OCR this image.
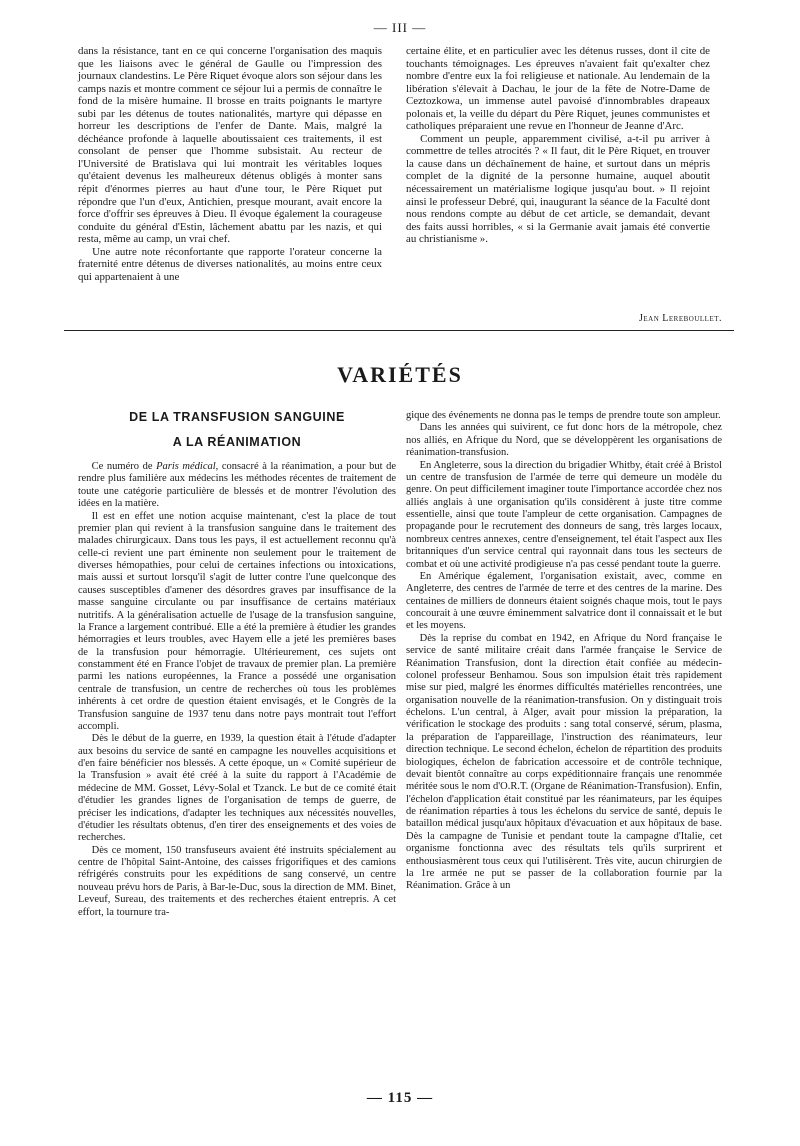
— III —

dans la résistance, tant en ce qui concerne l'organisation des maquis que les liaisons avec le général de Gaulle ou l'impression des journaux clandestins. Le Père Riquet évoque alors son séjour dans les camps nazis et montre comment ce séjour lui a permis de connaître le fond de la misère humaine. Il brosse en traits poignants le martyre subi par les détenus de toutes nationalités, martyre qui dépasse en horreur les descriptions de l'enfer de Dante. Mais, malgré la déchéance profonde à laquelle aboutissaient ces traitements, il est consolant de penser que l'homme subsistait. Au recteur de l'Université de Bratislava qui lui montrait les véritables loques qu'étaient devenus les malheureux détenus obligés à monter sans répit d'énormes pierres au haut d'une tour, le Père Riquet put répondre que l'un d'eux, Antichien, presque mourant, avait encore la force d'offrir ses épreuves à Dieu. Il évoque également la courageuse conduite du général d'Estin, lâchement abattu par les nazis, et qui resta, même au camp, un vrai chef.

Une autre note réconfortante que rapporte l'orateur concerne la fraternité entre détenus de diverses nationalités, au moins entre ceux qui appartenaient à une

certaine élite, et en particulier avec les détenus russes, dont il cite de touchants témoignages. Les épreuves n'avaient fait qu'exalter chez nombre d'entre eux la foi religieuse et nationale. Au lendemain de la libération s'élevait à Dachau, le jour de la fête de Notre-Dame de Ceztozkowa, un immense autel pavoisé d'innombrables drapeaux polonais et, la veille du départ du Père Riquet, jeunes communistes et catholiques préparaient une revue en l'honneur de Jeanne d'Arc.

Comment un peuple, apparemment civilisé, a-t-il pu arriver à commettre de telles atrocités ? « Il faut, dit le Père Riquet, en trouver la cause dans un déchaînement de haine, et surtout dans un mépris complet de la dignité de la personne humaine, auquel aboutit nécessairement un matérialisme logique jusqu'au bout. » Il rejoint ainsi le professeur Debré, qui, inaugurant la séance de la Faculté dont nous rendons compte au début de cet article, se demandait, devant des faits aussi horribles, « si la Germanie avait jamais été convertie au christianisme ».

Jean Lereboullet.
VARIÉTÉS
DE LA TRANSFUSION SANGUINE
A LA RÉANIMATION

Ce numéro de Paris médical, consacré à la réanimation, a pour but de rendre plus familière aux médecins les méthodes récentes de traitement de toute une catégorie particulière de blessés et de montrer l'évolution des idées en la matière.

Il est en effet une notion acquise maintenant, c'est la place de tout premier plan qui revient à la transfusion sanguine dans le traitement des malades chirurgicaux. Dans tous les pays, il est actuellement reconnu qu'à celle-ci revient une part éminente non seulement pour le traitement de diverses hémopathies, pour celui de certaines infections ou intoxications, mais aussi et surtout lorsqu'il s'agit de lutter contre l'une quelconque des causes susceptibles d'amener des désordres graves par insuffisance de la masse sanguine circulante ou par insuffisance de certains matériaux nutritifs. A la généralisation actuelle de l'usage de la transfusion sanguine, la France a largement contribué. Elle a été la première à étudier les grandes hémorragies et leurs troubles, avec Hayem elle a jeté les premières bases de la transfusion pour hémorragie. Ultérieurement, ces sujets ont constamment été en France l'objet de travaux de premier plan. La première parmi les nations européennes, la France a possédé une organisation centrale de transfusion, un centre de recherches où tous les problèmes inhérents à cet ordre de question étaient envisagés, et le Congrès de la Transfusion sanguine de 1937 tenu dans notre pays montrait tout l'effort accompli.

Dès le début de la guerre, en 1939, la question était à l'étude d'adapter aux besoins du service de santé en campagne les nouvelles acquisitions et d'en faire bénéficier nos blessés. A cette époque, un « Comité supérieur de la Transfusion » avait été créé à la suite du rapport à l'Académie de médecine de MM. Gosset, Lévy-Solal et Tzanck. Le but de ce comité était d'étudier les grandes lignes de l'organisation de temps de guerre, de préciser les indications, d'adapter les techniques aux nécessités nouvelles, d'étudier les résultats obtenus, d'en tirer des enseignements et des voies de recherches.

Dès ce moment, 150 transfuseurs avaient été instruits spécialement au centre de l'hôpital Saint-Antoine, des caisses frigorifiques et des camions réfrigérés construits pour les expéditions de sang conservé, un centre nouveau prévu hors de Paris, à Bar-le-Duc, sous la direction de MM. Binet, Leveuf, Sureau, des traitements et des recherches étaient entrepris. A cet effort, la tournure tra-

gique des événements ne donna pas le temps de prendre toute son ampleur.

Dans les années qui suivirent, ce fut donc hors de la métropole, chez nos alliés, en Afrique du Nord, que se développèrent les organisations de réanimation-transfusion.

En Angleterre, sous la direction du brigadier Whitby, était créé à Bristol un centre de transfusion de l'armée de terre qui demeure un modèle du genre. On peut difficilement imaginer toute l'importance accordée chez nos alliés anglais à une organisation qu'ils considèrent à juste titre comme essentielle, ainsi que toute l'ampleur de cette organisation. Campagnes de propagande pour le recrutement des donneurs de sang, très larges locaux, nombreux centres annexes, centre d'enseignement, tel était l'aspect aux Iles britanniques d'un service central qui rayonnait dans tous les secteurs de combat et où une activité prodigieuse n'a pas cessé pendant toute la guerre.

En Amérique également, l'organisation existait, avec, comme en Angleterre, des centres de l'armée de terre et des centres de la marine. Des centaines de milliers de donneurs étaient soignés chaque mois, tout le pays concourait à une œuvre éminemment salvatrice dont il connaissait et le but et les moyens.

Dès la reprise du combat en 1942, en Afrique du Nord française le service de santé militaire créait dans l'armée française le Service de Réanimation Transfusion, dont la direction était confiée au médecin-colonel professeur Benhamou. Sous son impulsion était très rapidement mise sur pied, malgré les énormes difficultés matérielles rencontrées, une organisation nouvelle de la réanimation-transfusion. On y distinguait trois échelons. L'un central, à Alger, avait pour mission la préparation, la vérification le stockage des produits : sang total conservé, sérum, plasma, la préparation de l'appareillage, l'instruction des réanimateurs, leur direction technique. Le second échelon, échelon de répartition des produits biologiques, échelon de fabrication accessoire et de contrôle technique, devait bientôt connaître au corps expéditionnaire français une renommée méritée sous le nom d'O.R.T. (Organe de Réanimation-Transfusion). Enfin, l'échelon d'application était constitué par les réanimateurs, par les équipes de réanimation réparties à tous les échelons du service de santé, depuis le bataillon médical jusqu'aux hôpitaux d'évacuation et aux hôpitaux de base. Dès la campagne de Tunisie et pendant toute la campagne d'Italie, cet organisme fonctionna avec des résultats tels qu'ils surprirent et enthousiasmèrent tous ceux qui l'utilisèrent. Très vite, aucun chirurgien de la 1re armée ne put se passer de la collaboration fournie par la Réanimation. Grâce à un

— 115 —
